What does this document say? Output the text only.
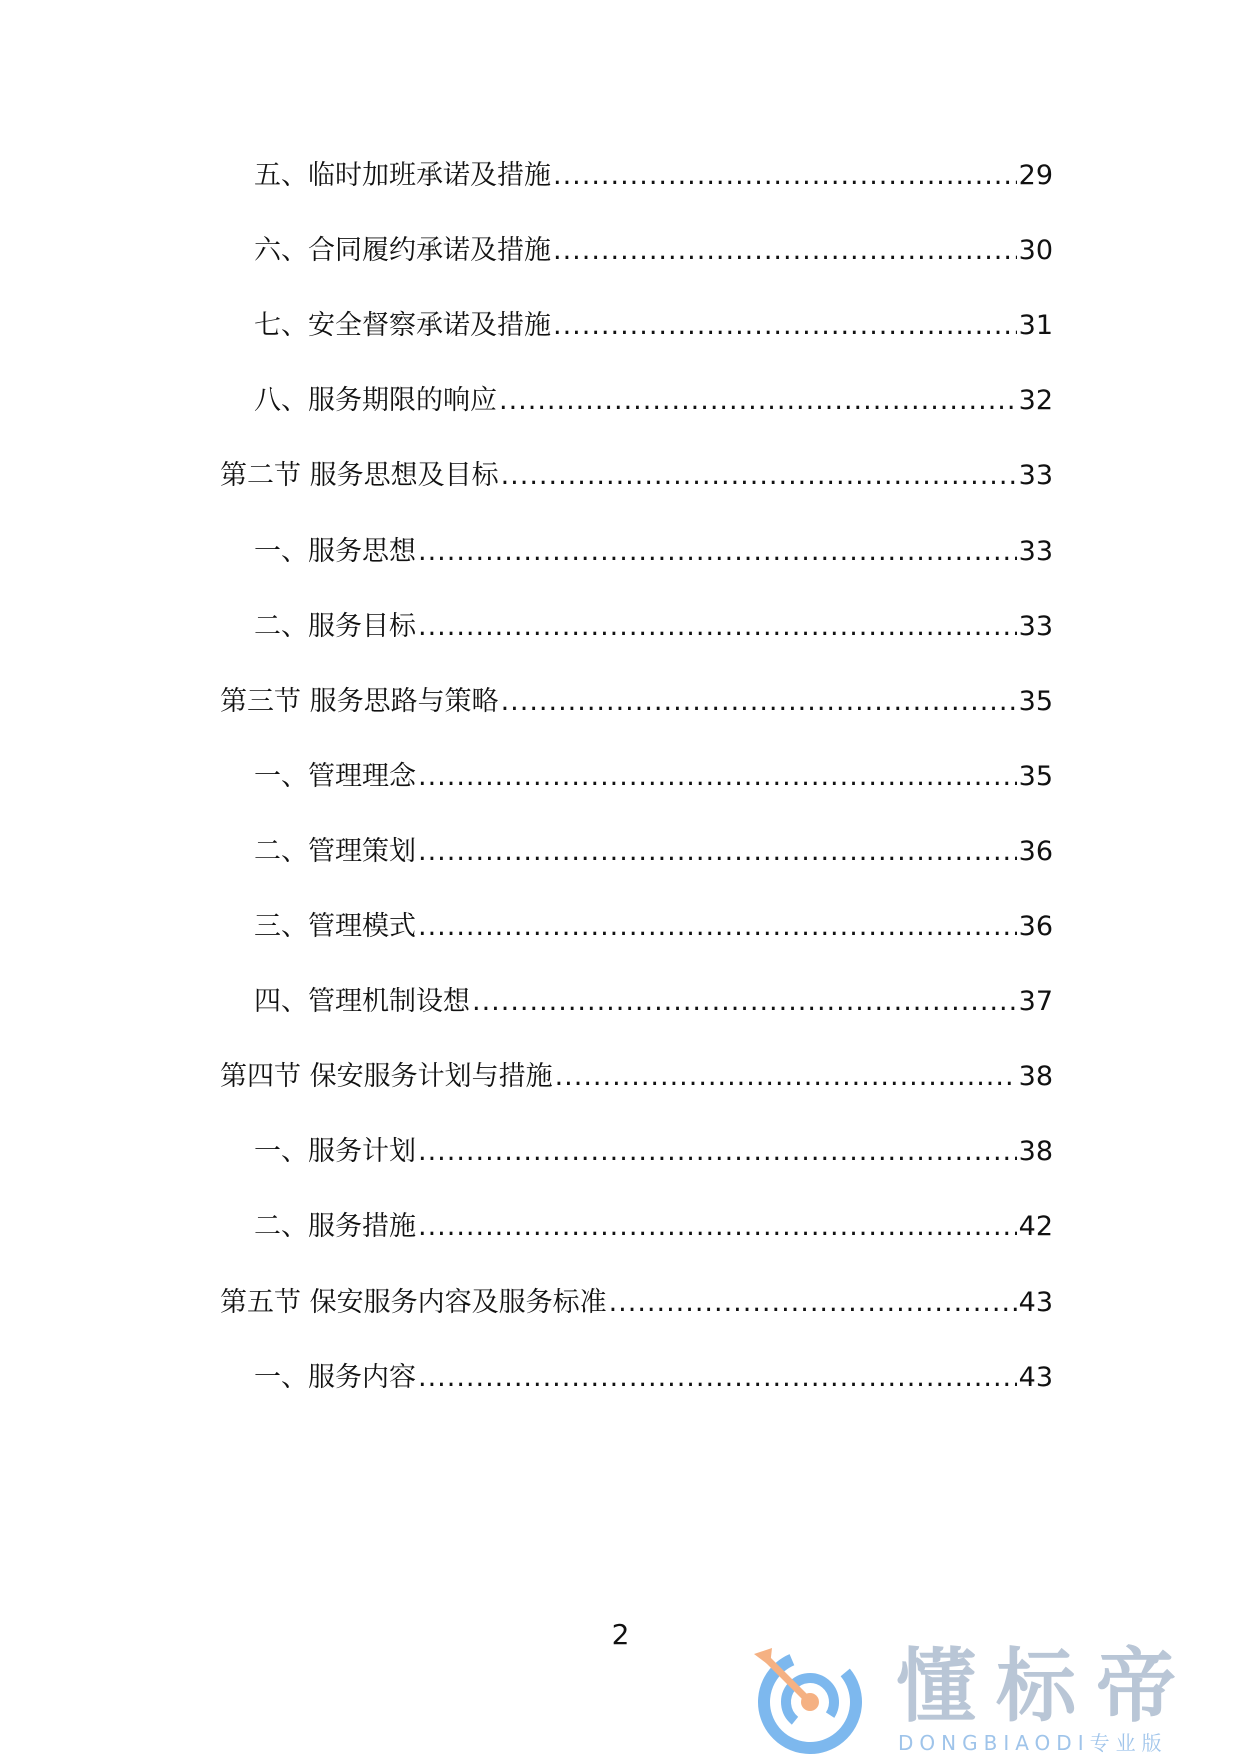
五、临时加班承诺及措施 .....	29
六、合同履约承诺及措施 .....	30
七、安全督察承诺及措施 .....	31
八、服务期限的响应 .....	32
第二节 服务思想及目标 .....	33
一、服务思想 .....	33
二、服务目标 .....	33
第三节 服务思路与策略 .....	35
一、管理理念 .....	35
二、管理策划 .....	36
三、管理模式 .....	36
四、管理机制设想 .....	37
第四节 保安服务计划与措施 .....	38
一、服务计划 .....	38
二、服务措施 .....	42
第五节 保安服务内容及服务标准 .....	43
一、服务内容 .....	43
2
懂标帝
DONGBIAODI专业版
